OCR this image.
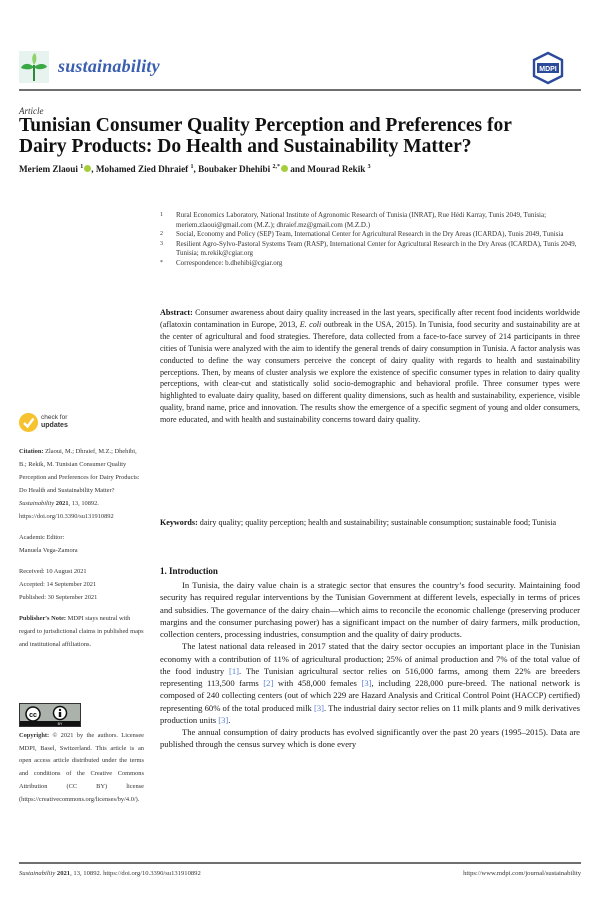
sustainability	MDPI
Article
Tunisian Consumer Quality Perception and Preferences for
Dairy Products: Do Health and Sustainability Matter?
Meriem Zlaoui $^1$ , Mohamed Zied Dhraief $^1$, Boubaker Dhehibi $^{2,*}$ and Mourad Rekik $^3$
1 Rural Economics Laboratory, National Institute of Agronomic Research of Tunisia (INRAT), Rue Hédi Karray, Tunis 2049, Tunisia; meriem.zlaoui@gmail.com (M.Z.); dhraief.mz@gmail.com (M.Z.D.)
2 Social, Economy and Policy (SEP) Team, International Center for Agricultural Research in the Dry Areas (ICARDA), Tunis 2049, Tunisia
3 Resilient Agro-Sylvo-Pastoral Systems Team (RASP), International Center for Agricultural Research in the Dry Areas (ICARDA), Tunis 2049, Tunisia; m.rekik@cgiar.org
* Correspondence: b.dhehibi@cgiar.org
Abstract: Consumer awareness about dairy quality increased in the last years, specifically after recent food incidents worldwide (aflatoxin contamination in Europe, 2013, E. coli outbreak in the USA, 2015). In Tunisia, food security and sustainability are at the center of agricultural and food strategies. Therefore, data collected from a face-to-face survey of 214 participants in three cities of Tunisia were analyzed with the aim to identify the general trends of dairy consumption in Tunisia. A factor analysis was conducted to define the way consumers perceive the concept of dairy quality with regards to health and sustainability perceptions. Then, by means of cluster analysis we explore the existence of specific consumer types in relation to dairy quality perceptions, with clear-cut and statistically solid socio-demographic and behavioral profile. Three consumer types were highlighted to evaluate dairy quality, based on different quality dimensions, such as health and sustainability, experience, visible quality, brand name, price and innovation. The results show the emergence of a specific segment of young and older consumers, more educated, and with health and sustainability concerns toward dairy quality.
Keywords: dairy quality; quality perception; health and sustainability; sustainable consumption; sustainable food; Tunisia
check for
updates
Citation: Zlaoui, M.; Dhraief, M.Z.; Dhehibi, B.; Rekik, M. Tunisian Consumer Quality Perception and Preferences for Dairy Products: Do Health and Sustainability Matter? Sustainability 2021, 13, 10892. https://doi.org/10.3390/su131910892
Academic Editor:
Manuela Vega-Zamora
Received: 10 August 2021
Accepted: 14 September 2021
Published: 30 September 2021
Publisher's Note: MDPI stays neutral with regard to jurisdictional claims in published maps and institutional affiliations.
cc
BY
Copyright: © 2021 by the authors. Licensee MDPI, Basel, Switzerland. This article is an open access article distributed under the terms and conditions of the Creative Commons Attribution (CC BY) license (https://creativecommons.org/licenses/by/4.0/).
1. Introduction

In Tunisia, the dairy value chain is a strategic sector that ensures the country’s food security. Maintaining food security has required regular interventions by the Tunisian Government at different levels, especially in terms of prices and subsidies. The governance of the dairy chain—which aims to reconcile the economic challenge (preserving producer margins and the consumer purchasing power) has a significant impact on the number of dairy farmers, milk production, collection centers, processing industries, consumption and the quality of dairy products.

The latest national data released in 2017 stated that the dairy sector occupies an important place in the Tunisian economy with a contribution of 11% of agricultural production; 25% of animal production and 7% of the total value of the food industry [1]. The Tunisian agricultural sector relies on 516,000 farms, among them 22% are breeders representing 113,500 farms [2] with 458,000 females [3], including 228,000 pure-breed. The national network is composed of 240 collecting centers (out of which 229 are Hazard Analysis and Critical Control Point (HACCP) certified) representing 60% of the total produced milk [3]. The industrial dairy sector relies on 11 milk plants and 9 milk derivatives production units [3].

The annual consumption of dairy products has evolved significantly over the past 20 years (1995–2015). Data are published through the census survey which is done every

Sustainability 2021, 13, 10892. https://doi.org/10.3390/su131910892	https://www.mdpi.com/journal/sustainability
